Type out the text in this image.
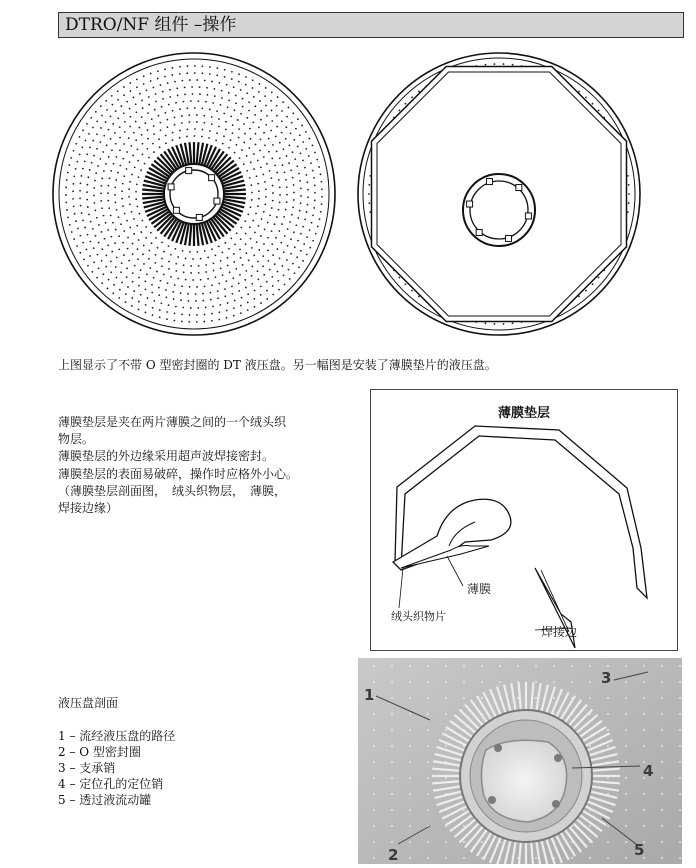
DTRO/NF 组件 –操作
上图显示了不带 O 型密封圈的 DT 液压盘。另一幅图是安装了薄膜垫片的液压盘。
薄膜垫层是夹在两片薄膜之间的一个绒头织
物层。
薄膜垫层的外边缘采用超声波焊接密封。
薄膜垫层的表面易破碎，操作时应格外小心。
（薄膜垫层剖面图，　绒头织物层，　薄膜，
焊接边缘）
薄膜垫层
薄膜
绒头织物片
焊接边
液压盘剖面
1 – 流经液压盘的路径
2 – O 型密封圈
3 – 支承销
4 – 定位孔的定位销
5 – 透过液流动罐
1
2
3
4
5
